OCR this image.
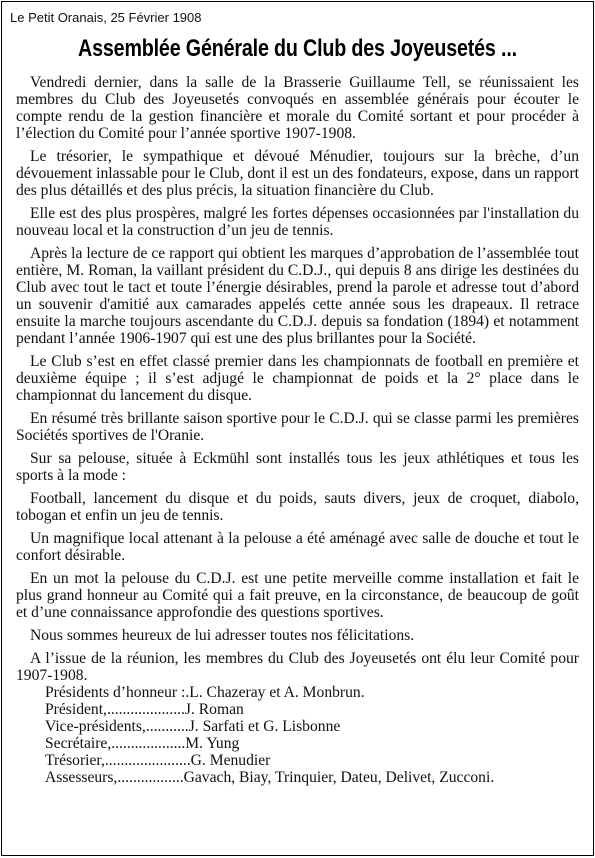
Le Petit Oranais, 25 Février 1908
Assemblée Générale du Club des Joyeusetés ...

Vendredi dernier, dans la salle de la Brasserie Guillaume Tell, se réunissaient les membres du Club des Joyeusetés convoqués en assemblée générais pour écouter le compte rendu de la gestion financière et morale du Comité sortant et pour procéder à l’élection du Comité pour l’année sportive 1907-1908.

Le trésorier, le sympathique et dévoué Ménudier, toujours sur la brèche, d’un dévouement inlassable pour le Club, dont il est un des fondateurs, expose, dans un rapport des plus détaillés et des plus précis, la situation financière du Club.

Elle est des plus prospères, malgré les fortes dépenses occasionnées par l'installation du nouveau local et la construction d’un jeu de tennis.

Après la lecture de ce rapport qui obtient les marques d’approbation de l’assemblée tout entière, M. Roman, la vaillant président du C.D.J., qui depuis 8 ans dirige les destinées du Club avec tout le tact et toute l’énergie désirables, prend la parole et adresse tout d’abord un souvenir d'amitié aux camarades appelés cette année sous les drapeaux. Il retrace ensuite la marche toujours ascendante du C.D.J. depuis sa fondation (1894) et notamment pendant l’année 1906-1907 qui est une des plus brillantes pour la Société.

Le Club s’est en effet classé premier dans les championnats de football en première et deuxième équipe ; il s’est adjugé le championnat de poids et la 2° place dans le championnat du lancement du disque.

En résumé très brillante saison sportive pour le C.D.J. qui se classe parmi les premières Sociétés sportives de l'Oranie.

Sur sa pelouse, située à Eckmühl sont installés tous les jeux athlétiques et tous les sports à la mode :

Football, lancement du disque et du poids, sauts divers, jeux de croquet, diabolo, tobogan et enfin un jeu de tennis.

Un magnifique local attenant à la pelouse a été aménagé avec salle de douche et tout le confort désirable.

En un mot la pelouse du C.D.J. est une petite merveille comme installation et fait le plus grand honneur au Comité qui a fait preuve, en la circonstance, de beaucoup de goût et d’une connaissance approfondie des questions sportives.

Nous sommes heureux de lui adresser toutes nos félicitations.

A l’issue de la réunion, les membres du Club des Joyeusetés ont élu leur Comité pour 1907-1908.

Présidents d’honneur : .L. Chazeray et A. Monbrun.
Président, ....................J. Roman
Vice-présidents, ...........J. Sarfati et G. Lisbonne
Secrétaire, ...................M. Yung
Trésorier, ......................G. Menudier
Assesseurs, .................Gavach, Biay, Trinquier, Dateu, Delivet, Zucconi.
